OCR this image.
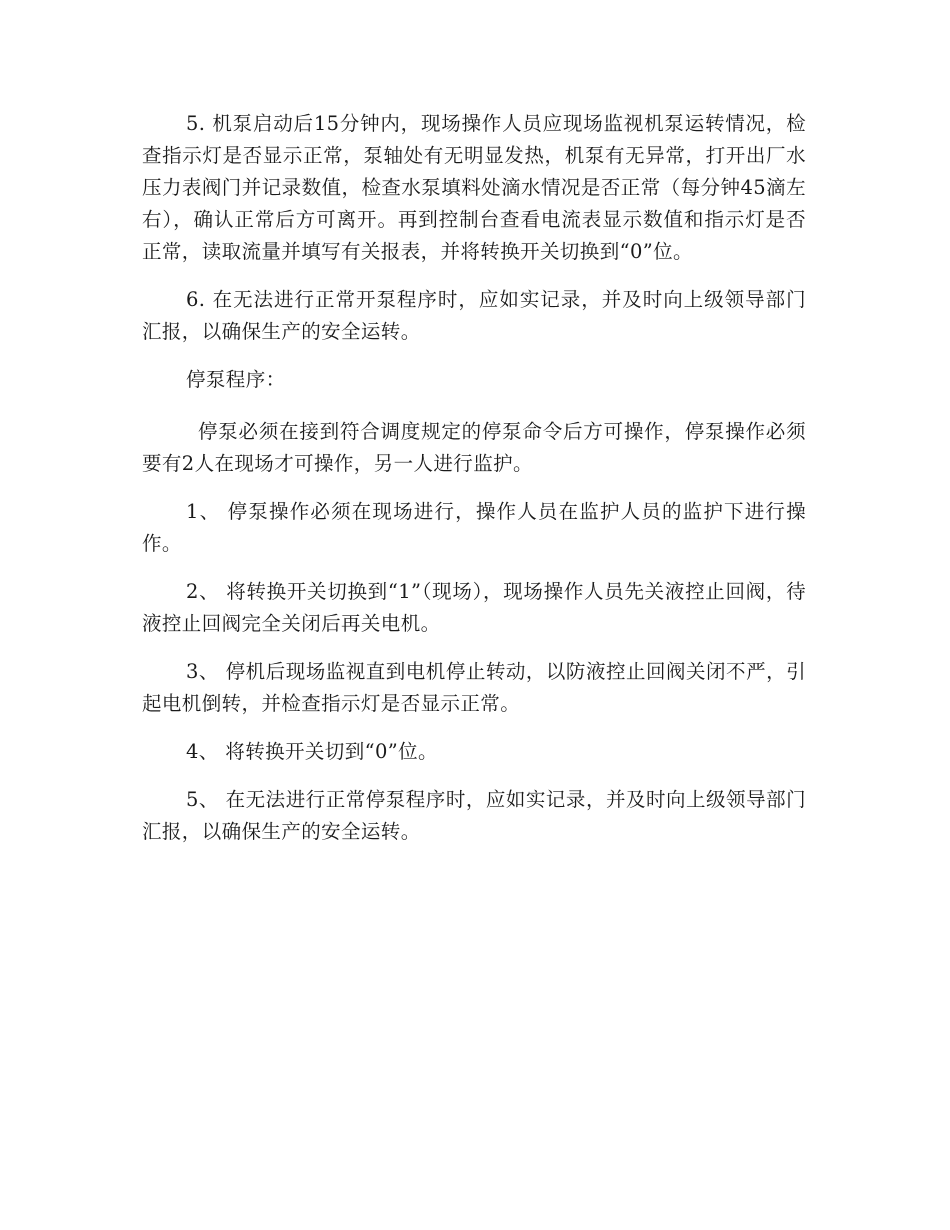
5. 机泵启动后15分钟内，现场操作人员应现场监视机泵运转情况，检查指示灯是否显示正常，泵轴处有无明显发热，机泵有无异常，打开出厂水压力表阀门并记录数值，检查水泵填料处滴水情况是否正常（每分钟45滴左右），确认正常后方可离开。再到控制台查看电流表显示数值和指示灯是否正常，读取流量并填写有关报表，并将转换开关切换到“0”位。

6. 在无法进行正常开泵程序时，应如实记录，并及时向上级领导部门汇报，以确保生产的安全运转。

停泵程序：

停泵必须在接到符合调度规定的停泵命令后方可操作，停泵操作必须要有2人在现场才可操作，另一人进行监护。

1、 停泵操作必须在现场进行，操作人员在监护人员的监护下进行操作。

2、 将转换开关切换到“1”（现场），现场操作人员先关液控止回阀，待液控止回阀完全关闭后再关电机。

3、 停机后现场监视直到电机停止转动，以防液控止回阀关闭不严，引起电机倒转，并检查指示灯是否显示正常。

4、 将转换开关切到“0”位。

5、 在无法进行正常停泵程序时，应如实记录，并及时向上级领导部门汇报，以确保生产的安全运转。
